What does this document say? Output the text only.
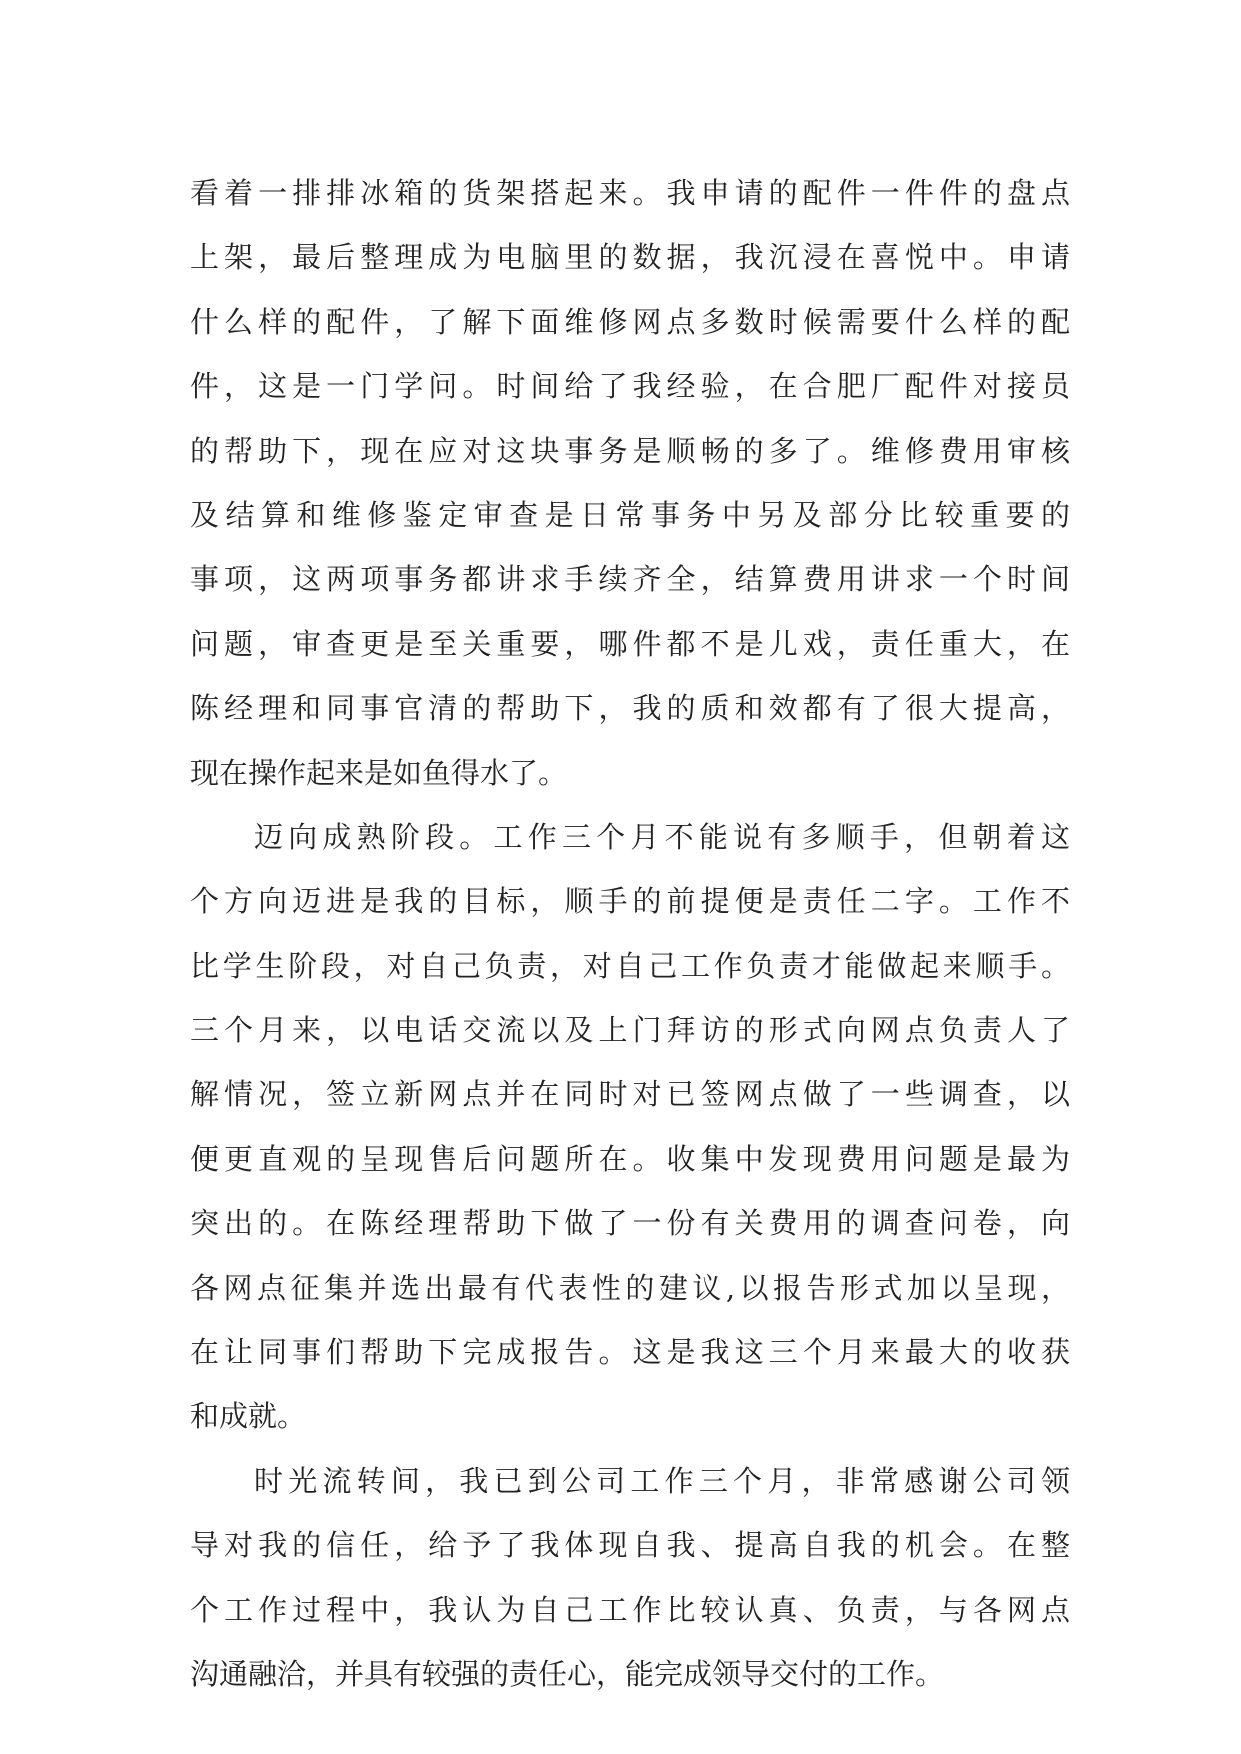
看着一排排冰箱的货架搭起来。我申请的配件一件件的盘点
上架，最后整理成为电脑里的数据，我沉浸在喜悦中。申请
什么样的配件，了解下面维修网点多数时候需要什么样的配
件，这是一门学问。时间给了我经验，在合肥厂配件对接员
的帮助下，现在应对这块事务是顺畅的多了。维修费用审核
及结算和维修鉴定审查是日常事务中另及部分比较重要的
事项，这两项事务都讲求手续齐全，结算费用讲求一个时间
问题，审查更是至关重要，哪件都不是儿戏，责任重大，在
陈经理和同事官清的帮助下，我的质和效都有了很大提高，
现在操作起来是如鱼得水了。
迈向成熟阶段。工作三个月不能说有多顺手，但朝着这
个方向迈进是我的目标，顺手的前提便是责任二字。工作不
比学生阶段，对自己负责，对自己工作负责才能做起来顺手。
三个月来，以电话交流以及上门拜访的形式向网点负责人了
解情况，签立新网点并在同时对已签网点做了一些调查，以
便更直观的呈现售后问题所在。收集中发现费用问题是最为
突出的。在陈经理帮助下做了一份有关费用的调查问卷，向
各网点征集并选出最有代表性的建议,以报告形式加以呈现，
在让同事们帮助下完成报告。这是我这三个月来最大的收获
和成就。
时光流转间，我已到公司工作三个月，非常感谢公司领
导对我的信任，给予了我体现自我、提高自我的机会。在整
个工作过程中，我认为自己工作比较认真、负责，与各网点
沟通融洽，并具有较强的责任心，能完成领导交付的工作。
